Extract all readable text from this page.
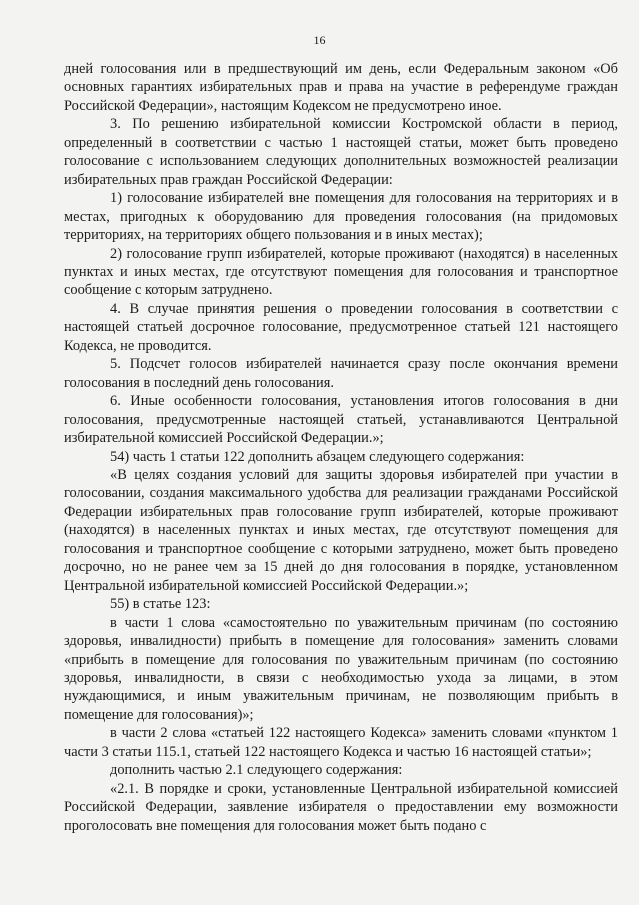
16

дней голосования или в предшествующий им день, если Федеральным законом «Об основных гарантиях избирательных прав и права на участие в референдуме граждан Российской Федерации», настоящим Кодексом не предусмотрено иное.

3. По решению избирательной комиссии Костромской области в период, определенный в соответствии с частью 1 настоящей статьи, может быть проведено голосование с использованием следующих дополнительных возможностей реализации избирательных прав граждан Российской Федерации:

1) голосование избирателей вне помещения для голосования на территориях и в местах, пригодных к оборудованию для проведения голосования (на придомовых территориях, на территориях общего пользования и в иных местах);

2) голосование групп избирателей, которые проживают (находятся) в населенных пунктах и иных местах, где отсутствуют помещения для голосования и транспортное сообщение с которым затруднено.

4. В случае принятия решения о проведении голосования в соответствии с настоящей статьей досрочное голосование, предусмотренное статьей 121 настоящего Кодекса, не проводится.

5. Подсчет голосов избирателей начинается сразу после окончания времени голосования в последний день голосования.

6. Иные особенности голосования, установления итогов голосования в дни голосования, предусмотренные настоящей статьей, устанавливаются Центральной избирательной комиссией Российской Федерации.»;

54) часть 1 статьи 122 дополнить абзацем следующего содержания:

«В целях создания условий для защиты здоровья избирателей при участии в голосовании, создания максимального удобства для реализации гражданами Российской Федерации избирательных прав голосование групп избирателей, которые проживают (находятся) в населенных пунктах и иных местах, где отсутствуют помещения для голосования и транспортное сообщение с которыми затруднено, может быть проведено досрочно, но не ранее чем за 15 дней до дня голосования в порядке, установленном Центральной избирательной комиссией Российской Федерации.»;

55) в статье 123:

в части 1 слова «самостоятельно по уважительным причинам (по состоянию здоровья, инвалидности) прибыть в помещение для голосования» заменить словами «прибыть в помещение для голосования по уважительным причинам (по состоянию здоровья, инвалидности, в связи с необходимостью ухода за лицами, в этом нуждающимися, и иным уважительным причинам, не позволяющим прибыть в помещение для голосования)»;

в части 2 слова «статьей 122 настоящего Кодекса» заменить словами «пунктом 1 части 3 статьи 115.1, статьей 122 настоящего Кодекса и частью 16 настоящей статьи»;

дополнить частью 2.1 следующего содержания:

«2.1. В порядке и сроки, установленные Центральной избирательной комиссией Российской Федерации, заявление избирателя о предоставлении ему возможности проголосовать вне помещения для голосования может быть подано с
